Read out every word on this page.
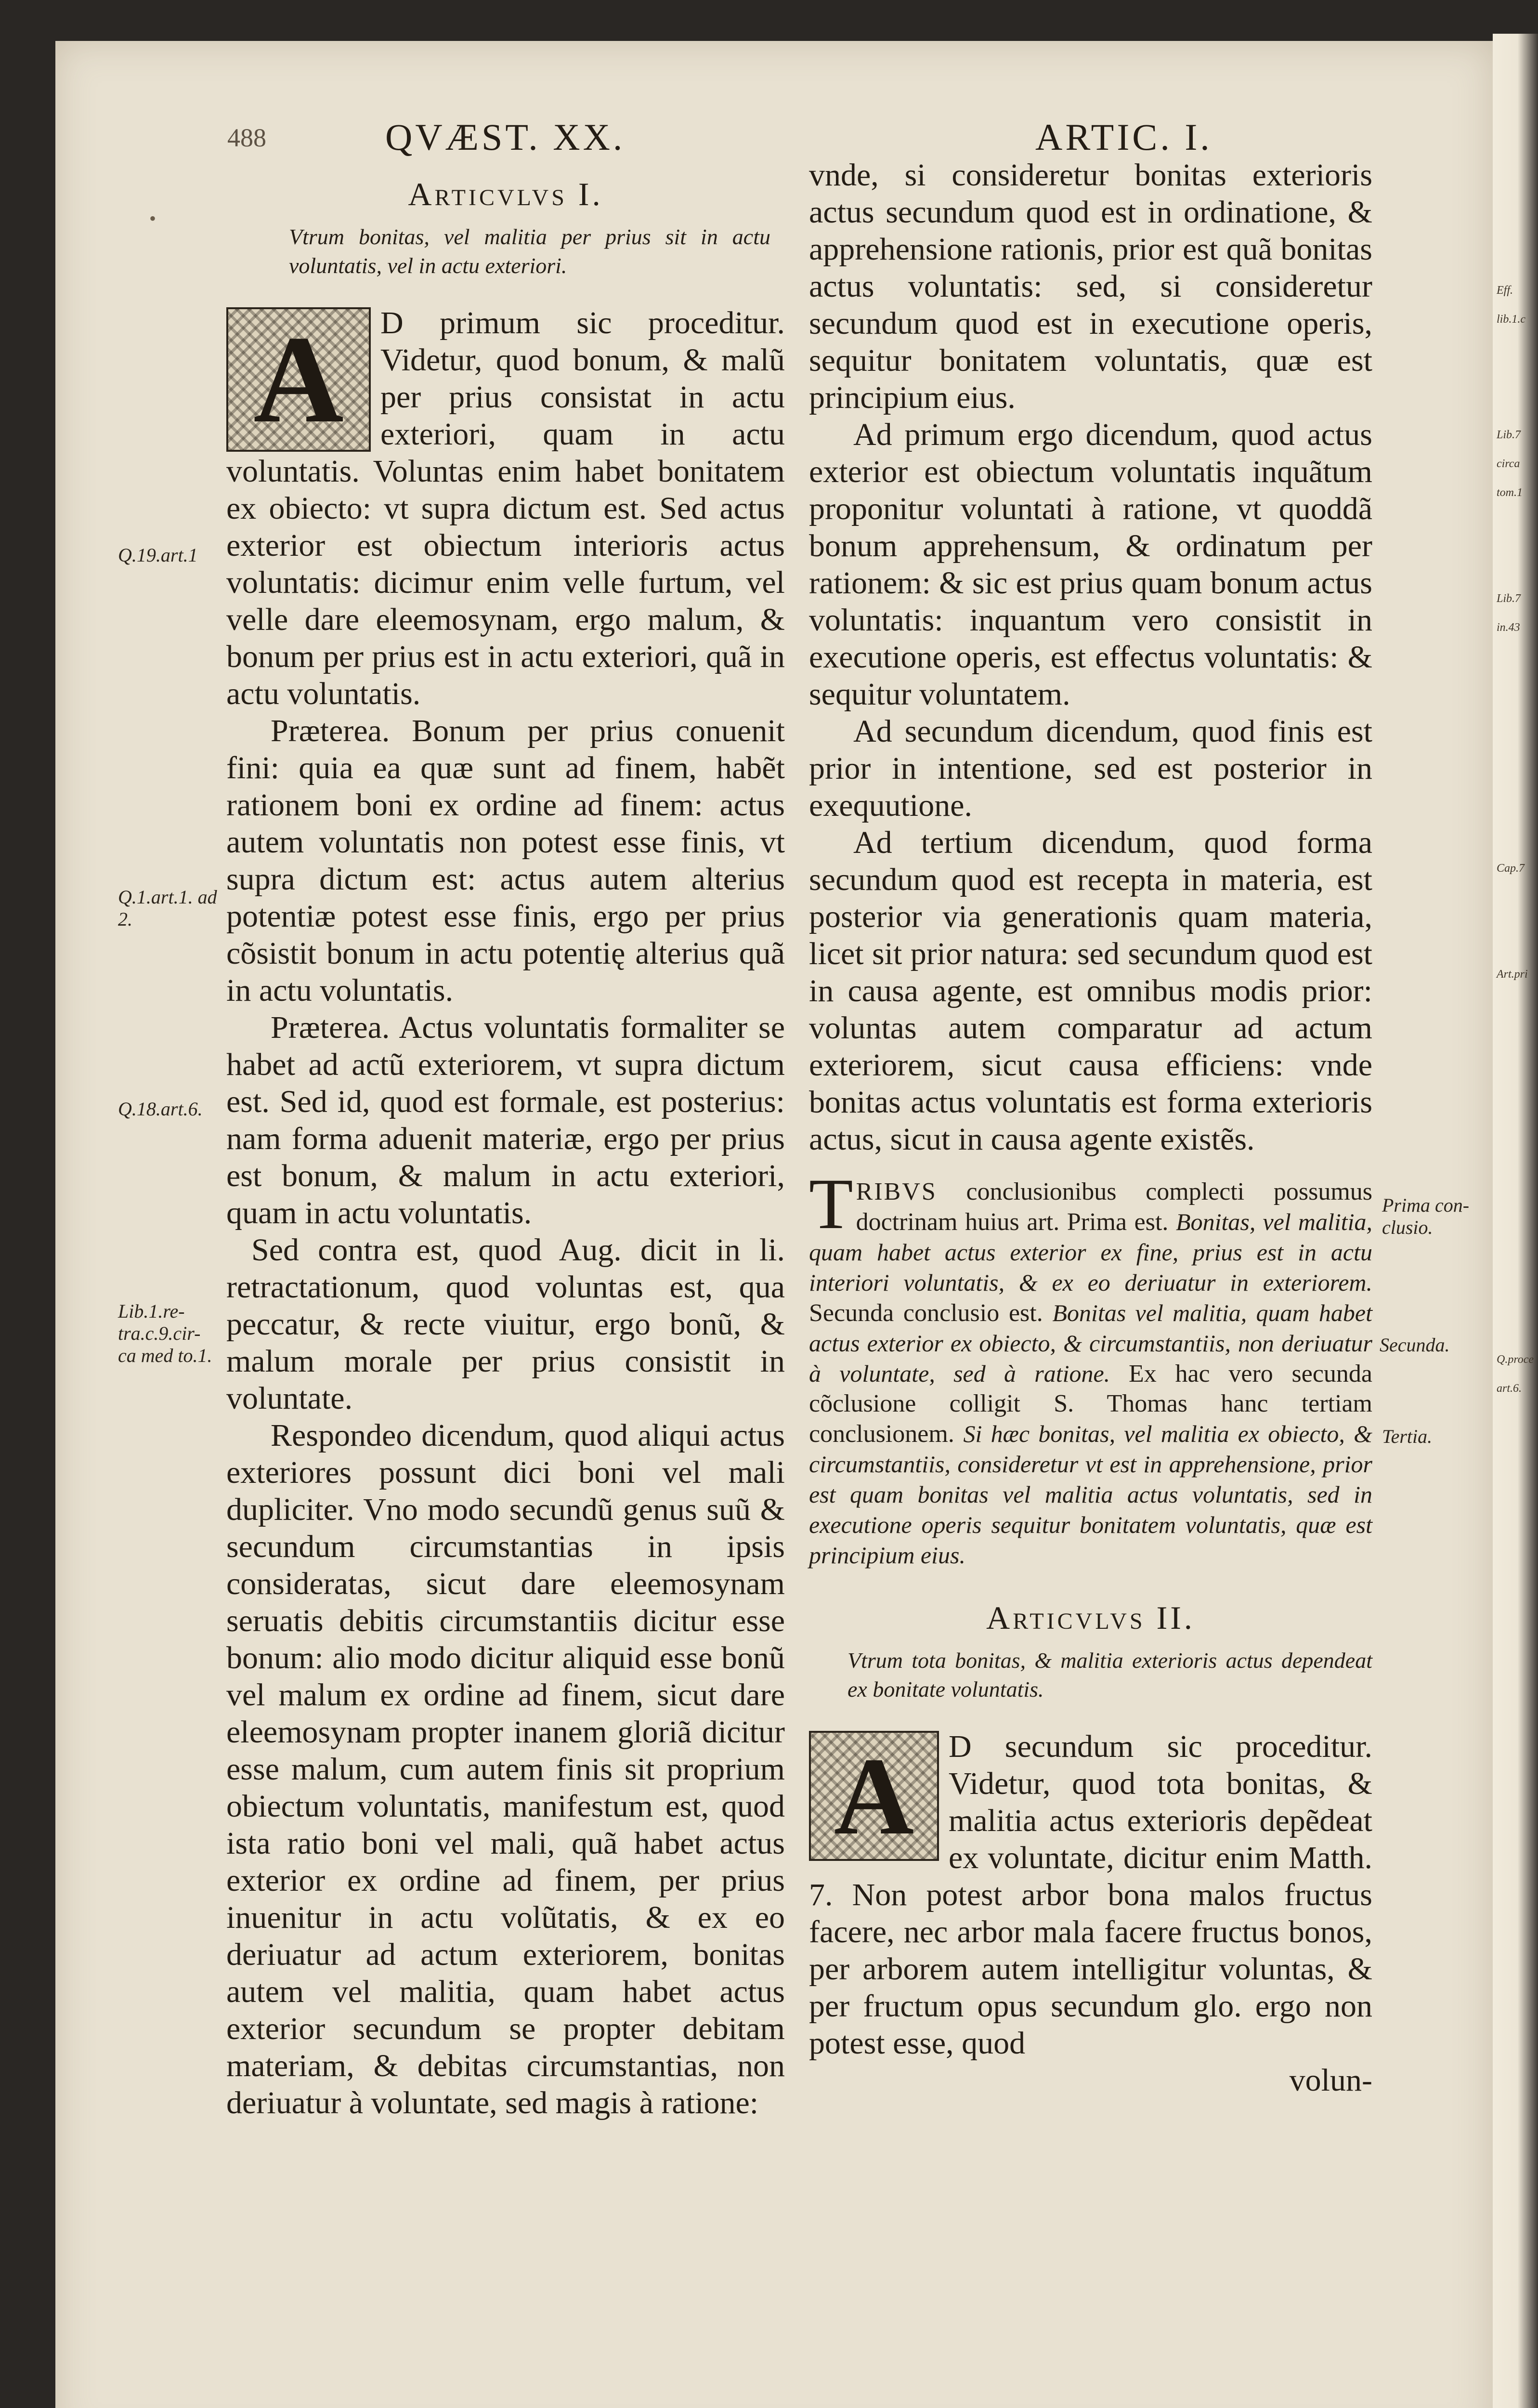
Eff.
lib.1.c
Lib.7
circa
tom.1
Lib.7
in.43
Cap.7
Art.pri
Q.proce
art.6.
488	QVÆST. XX.	ARTIC. I.
Q.19.art.1
Q.1.art.1. ad 2.
Q.18.art.6.
Lib.1.re- tra.c.9.cir- ca med to.1.
•
Prima con- clusio.
Secunda.
Tertia.
Articvlvs I.
Vtrum bonitas, vel malitia per prius sit in actu voluntatis, vel in actu exteriori.
A	D primum sic proceditur. Videtur, quod bonum, & malũ per prius consistat in actu exteriori, quam in actu voluntatis. Voluntas enim habet bonitatem ex obiecto: vt supra dictum est. Sed actus exterior est obiectum interioris actus voluntatis: dicimur enim velle furtum, vel velle dare eleemosynam, ergo malum, & bonum per prius est in actu exteriori, quã in actu voluntatis.

Præterea. Bonum per prius conuenit fini: quia ea quæ sunt ad finem, habẽt rationem boni ex ordine ad finem: actus autem voluntatis non potest esse finis, vt supra dictum est: actus autem alterius potentiæ potest esse finis, ergo per prius cõsistit bonum in actu potentię alterius quã in actu voluntatis.

Præterea. Actus voluntatis formaliter se habet ad actũ exteriorem, vt supra dictum est. Sed id, quod est formale, est posterius: nam forma aduenit materiæ, ergo per prius est bonum, & malum in actu exteriori, quam in actu voluntatis.

Sed contra est, quod Aug. dicit in li. retractationum, quod voluntas est, qua peccatur, & recte viuitur, ergo bonũ, & malum morale per prius consistit in voluntate.

Respondeo dicendum, quod aliqui actus exteriores possunt dici boni vel mali dupliciter. Vno modo secundũ genus suũ & secundum circumstantias in ipsis consideratas, sicut dare eleemosynam seruatis debitis circumstantiis dicitur esse bonum: alio modo dicitur aliquid esse bonũ vel malum ex ordine ad finem, sicut dare eleemosynam propter inanem gloriã dicitur esse malum, cum autem finis sit proprium obiectum voluntatis, manifestum est, quod ista ratio boni vel mali, quã habet actus exterior ex ordine ad finem, per prius inuenitur in actu volũtatis, & ex eo deriuatur ad actum exteriorem, bonitas autem vel malitia, quam habet actus exterior secundum se propter debitam materiam, & debitas circumstantias, non deriuatur à voluntate, sed magis à ratione:

vnde, si consideretur bonitas exterioris actus secundum quod est in ordinatione, & apprehensione rationis, prior est quã bonitas actus voluntatis: sed, si consideretur secundum quod est in executione operis, sequitur bonitatem voluntatis, quæ est principium eius.

Ad primum ergo dicendum, quod actus exterior est obiectum voluntatis inquãtum proponitur voluntati à ratione, vt quoddã bonum apprehensum, & ordinatum per rationem: & sic est prius quam bonum actus voluntatis: inquantum vero consistit in executione operis, est effectus voluntatis: & sequitur voluntatem.

Ad secundum dicendum, quod finis est prior in intentione, sed est posterior in exequutione.

Ad tertium dicendum, quod forma secundum quod est recepta in materia, est posterior via generationis quam materia, licet sit prior natura: sed secundum quod est in causa agente, est omnibus modis prior: voluntas autem comparatur ad actum exteriorem, sicut causa efficiens: vnde bonitas actus voluntatis est forma exterioris actus, sicut in causa agente existẽs.

TRIBVS conclusionibus complecti possumus doctrinam huius art. Prima est. Bonitas, vel malitia, quam habet actus exterior ex fine, prius est in actu interiori voluntatis, & ex eo deriuatur in exteriorem. Secunda conclusio est. Bonitas vel malitia, quam habet actus exterior ex obiecto, & circumstantiis, non deriuatur à voluntate, sed à ratione. Ex hac vero secunda cõclusione colligit S. Thomas hanc tertiam conclusionem. Si hæc bonitas, vel malitia ex obiecto, & circumstantiis, consideretur vt est in apprehensione, prior est quam bonitas vel malitia actus voluntatis, sed in executione operis sequitur bonitatem voluntatis, quæ est principium eius.
Articvlvs II.
Vtrum tota bonitas, & malitia exterioris actus dependeat ex bonitate voluntatis.
A	D secundum sic proceditur. Videtur, quod tota bonitas, & malitia actus exterioris depẽdeat ex voluntate, dicitur enim Matth. 7. Non potest arbor bona malos fructus facere, nec arbor mala facere fructus bonos, per arborem autem intelligitur voluntas, & per fructum opus secundum glo. ergo non potest esse, quod

volun-
